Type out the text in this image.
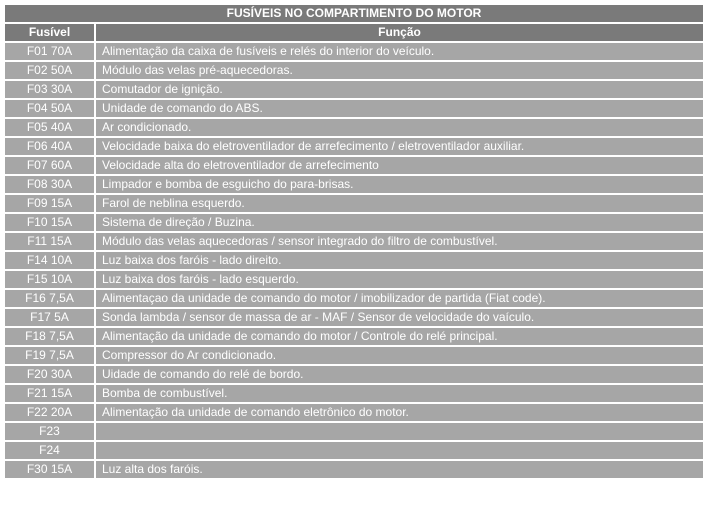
FUSÍVEIS NO COMPARTIMENTO DO MOTOR	
Fusível	Função
F01 70A	Alimentação da caixa de fusíveis e relés do interior do veículo.
F02 50A	Módulo das velas pré-aquecedoras.
F03 30A	Comutador de ignição.
F04 50A	Unidade de comando do ABS.
F05 40A	Ar condicionado.
F06 40A	Velocidade baixa do eletroventilador de arrefecimento / eletroventilador auxiliar.
F07 60A	Velocidade alta do eletroventilador de arrefecimento
F08 30A	Limpador e bomba de esguicho do para-brisas.
F09 15A	Farol de neblina esquerdo.
F10 15A	Sistema de direção / Buzina.
F11 15A	Módulo das velas aquecedoras / sensor integrado do filtro de combustível.
F14 10A	Luz baixa dos faróis - lado direito.
F15 10A	Luz baixa dos faróis - lado esquerdo.
F16 7,5A	Alimentaçao da unidade de comando do motor / imobilizador de partida (Fiat code).
F17 5A	Sonda lambda / sensor de massa de ar - MAF / Sensor de velocidade do vaículo.
F18 7,5A	Alimentação da unidade de comando do motor / Controle do relé principal.
F19 7,5A	Compressor do Ar condicionado.
F20 30A	Uidade de comando do relé de bordo.
F21 15A	Bomba de combustível.
F22 20A	Alimentação da unidade de comando eletrônico do motor.
F23	
F24	
F30 15A	Luz alta dos faróis.
